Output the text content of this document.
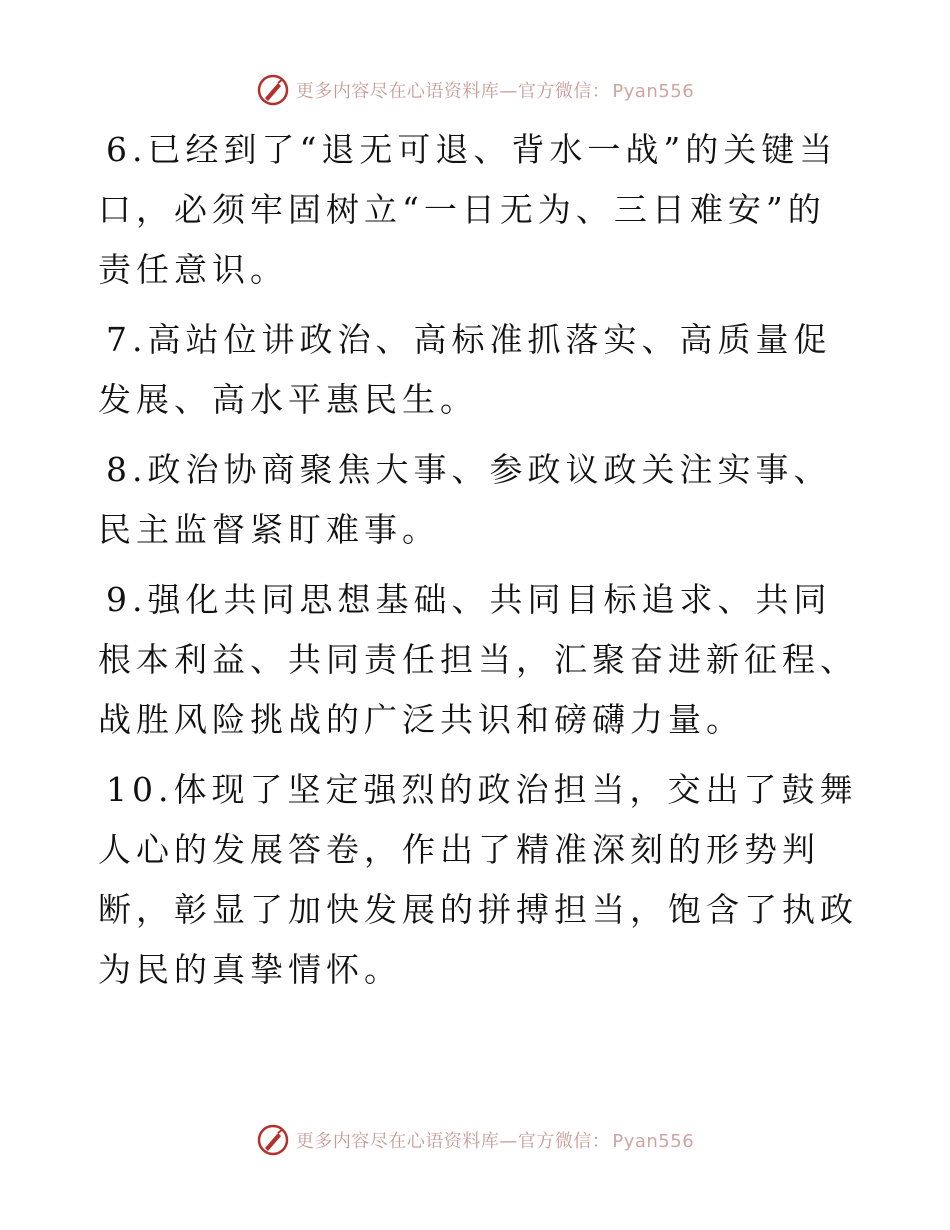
更多内容尽在心语资料库—官方微信： Pyan556

6.已经到了“退无可退、背水一战”的关键当口，必须牢固树立“一日无为、三日难安”的责任意识。

7.高站位讲政治、高标准抓落实、高质量促发展、高水平惠民生。

8.政治协商聚焦大事、参政议政关注实事、民主监督紧盯难事。

9.强化共同思想基础、共同目标追求、共同根本利益、共同责任担当，汇聚奋进新征程、战胜风险挑战的广泛共识和磅礴力量。

10.体现了坚定强烈的政治担当，交出了鼓舞人心的发展答卷，作出了精准深刻的形势判断，彰显了加快发展的拼搏担当，饱含了执政为民的真挚情怀。

更多内容尽在心语资料库—官方微信： Pyan556
